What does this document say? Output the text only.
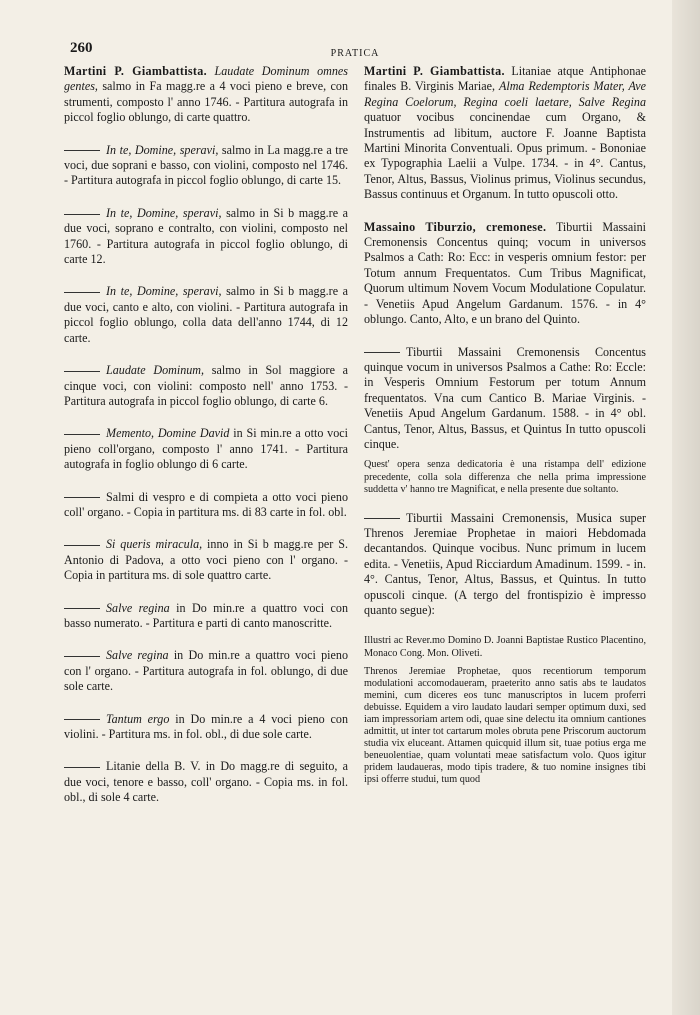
260	PRATICA

Martini P. Giambattista. Laudate Dominum omnes gentes, salmo in Fa magg.re a 4 voci pieno e breve, con strumenti, composto l' anno 1746. - Partitura autografa in piccol foglio oblungo, di carte quattro.

In te, Domine, speravi, salmo in La magg.re a tre voci, due soprani e basso, con violini, composto nel 1746. - Partitura autografa in piccol foglio oblungo, di carte 15.

In te, Domine, speravi, salmo in Si b magg.re a due voci, soprano e contralto, con violini, composto nel 1760. - Partitura autografa in piccol foglio oblungo, di carte 12.

In te, Domine, speravi, salmo in Si b magg.re a due voci, canto e alto, con violini. - Partitura autografa in piccol foglio oblungo, colla data dell'anno 1744, di 12 carte.

Laudate Dominum, salmo in Sol maggiore a cinque voci, con violini: composto nell' anno 1753. - Partitura autografa in piccol foglio oblungo, di carte 6.

Memento, Domine David in Si min.re a otto voci pieno coll'organo, composto l' anno 1741. - Partitura autografa in foglio oblungo di 6 carte.

Salmi di vespro e di compieta a otto voci pieno coll' organo. - Copia in partitura ms. di 83 carte in fol. obl.

Si queris miracula, inno in Si b magg.re per S. Antonio di Padova, a otto voci pieno con l' organo. - Copia in partitura ms. di sole quattro carte.

Salve regina in Do min.re a quattro voci con basso numerato. - Partitura e parti di canto manoscritte.

Salve regina in Do min.re a quattro voci pieno con l' organo. - Partitura autografa in fol. oblungo, di due sole carte.

Tantum ergo in Do min.re a 4 voci pieno con violini. - Partitura ms. in fol. obl., di due sole carte.

Litanie della B. V. in Do magg.re di seguito, a due voci, tenore e basso, coll' organo. - Copia ms. in fol. obl., di sole 4 carte.

Martini P. Giambattista. Litaniae atque Antiphonae finales B. Virginis Mariae, Alma Redemptoris Mater, Ave Regina Coelorum, Regina coeli laetare, Salve Regina quatuor vocibus concinendae cum Organo, & Instrumentis ad libitum, auctore F. Joanne Baptista Martini Minorita Conventuali. Opus primum. - Bononiae ex Typographia Laelii a Vulpe. 1734. - in 4°. Cantus, Tenor, Altus, Bassus, Violinus primus, Violinus secundus, Bassus continuus et Organum. In tutto opuscoli otto.

Massaino Tiburzio, cremonese. Tiburtii Massaini Cremonensis Concentus quinq; vocum in universos Psalmos a Cath: Ro: Ecc: in vesperis omnium festor: per Totum annum Frequentatos. Cum Tribus Magnificat, Quorum ultimum Novem Vocum Modulatione Copulatur. - Venetiis Apud Angelum Gardanum. 1576. - in 4° oblungo. Canto, Alto, e un brano del Quinto.

Tiburtii Massaini Cremonensis Concentus quinque vocum in universos Psalmos a Cathe: Ro: Eccle: in Vesperis Omnium Festorum per totum Annum frequentatos. Vna cum Cantico B. Mariae Virginis. - Venetiis Apud Angelum Gardanum. 1588. - in 4° obl. Cantus, Tenor, Altus, Bassus, et Quintus In tutto opuscoli cinque.

Quest' opera senza dedicatoria è una ristampa dell' edizione precedente, colla sola differenza che nella prima impressione suddetta v' hanno tre Magnificat, e nella presente due soltanto.

Tiburtii Massaini Cremonensis, Musica super Threnos Jeremiae Prophetae in maiori Hebdomada decantandos. Quinque vocibus. Nunc primum in lucem edita. - Venetiis, Apud Ricciardum Amadinum. 1599. - in. 4°. Cantus, Tenor, Altus, Bassus, et Quintus. In tutto opuscoli cinque. (A tergo del frontispizio è impresso quanto segue):

Illustri ac Rever.mo Domino D. Joanni Baptistae Rustico Placentino, Monaco Cong. Mon. Oliveti.

Threnos Jeremiae Prophetae, quos recentiorum temporum modulationi accomodaueram, praeterito anno satis abs te laudatos memini, cum diceres eos tunc manuscriptos in lucem proferri debuisse. Equidem a viro laudato laudari semper optimum duxi, sed iam impressoriam artem odi, quae sine delectu ita omnium cantiones admittit, ut inter tot cartarum moles obruta pene Priscorum auctorum studia vix eluceant. Attamen quicquid illum sit, tuae potius erga me beneuolentiae, quam voluntati meae satisfactum volo. Quos igitur pridem laudaueras, modo tipis tradere, & tuo nomine insignes tibi ipsi offerre studui, tum quod
